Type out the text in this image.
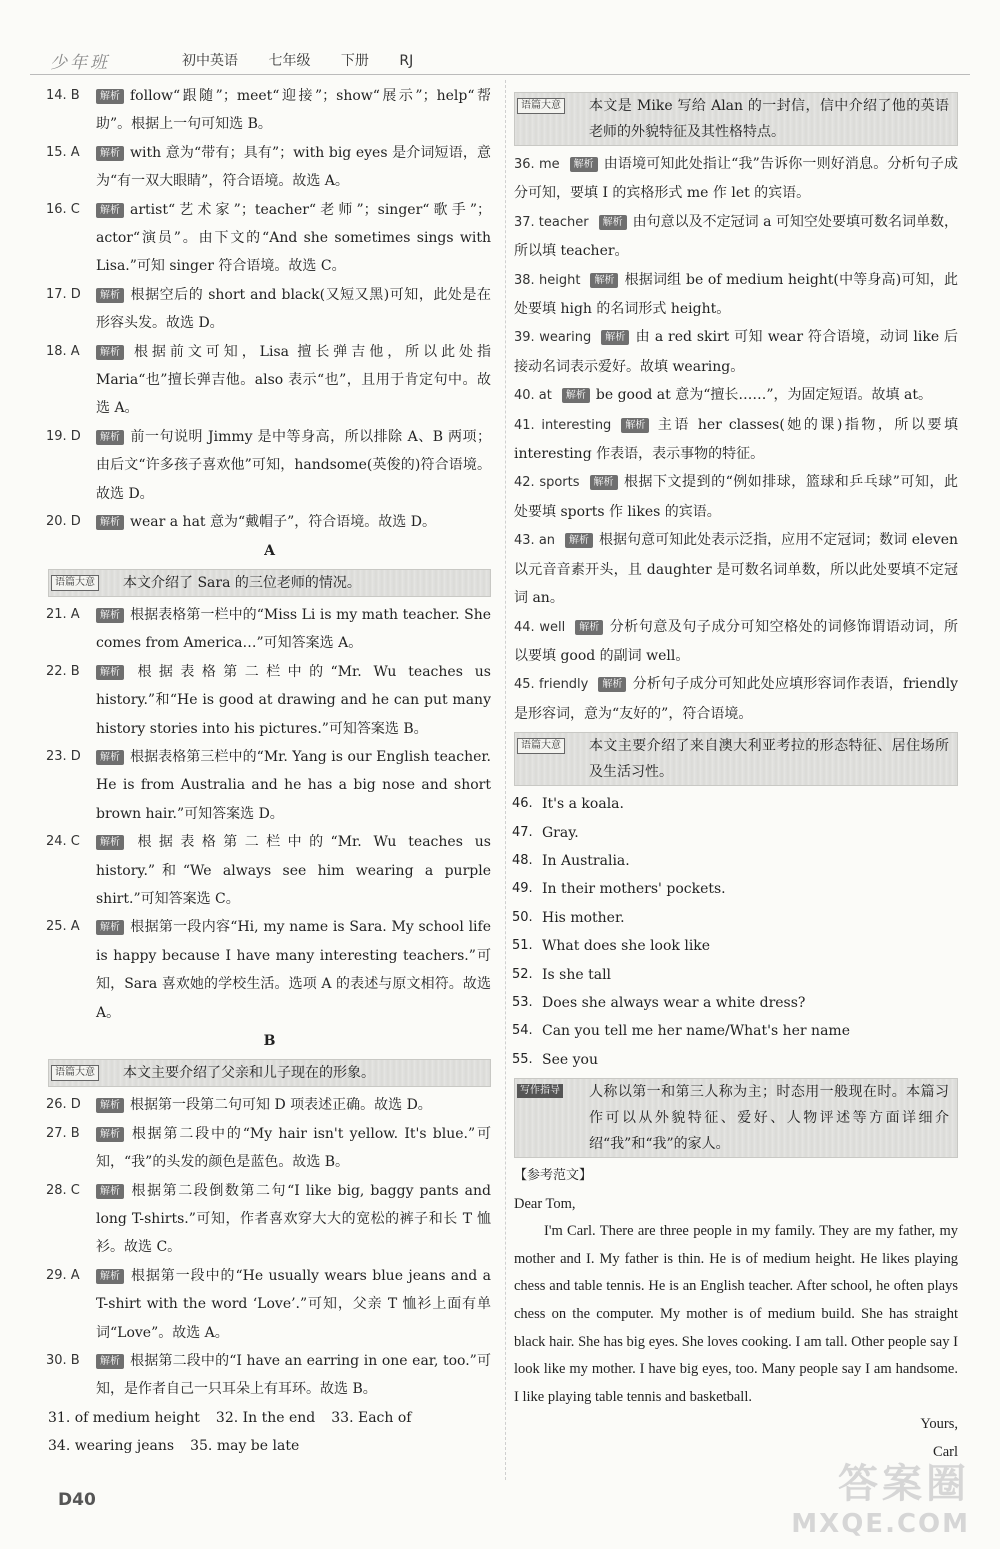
少年班	初中英语 七年级 下册 RJ
14. B 解析 follow“跟随”；meet“迎接”；show“展示”；help“帮助”。根据上一句可知选 B。
15. A 解析 with 意为“带有；具有”；with big eyes 是介词短语，意为“有一双大眼睛”，符合语境。故选 A。
16. C 解析 artist“艺术家”；teacher“老师”；singer“歌手”；actor“演员”。由下文的“And she sometimes sings with Lisa.”可知 singer 符合语境。故选 C。
17. D 解析 根据空后的 short and black(又短又黑)可知，此处是在形容头发。故选 D。
18. A 解析 根据前文可知，Lisa 擅长弹吉他，所以此处指 Maria“也”擅长弹吉他。also 表示“也”，且用于肯定句中。故选 A。
19. D 解析 前一句说明 Jimmy 是中等身高，所以排除 A、B 两项；由后文“许多孩子喜欢他”可知，handsome(英俊的)符合语境。故选 D。
20. D 解析 wear a hat 意为“戴帽子”，符合语境。故选 D。
A
语篇大意 本文介绍了 Sara 的三位老师的情况。
21. A 解析 根据表格第一栏中的“Miss Li is my math teacher. She comes from America…”可知答案选 A。
22. B 解析 根据表格第二栏中的“Mr. Wu teaches us history.”和“He is good at drawing and he can put many history stories into his pictures.”可知答案选 B。
23. D 解析 根据表格第三栏中的“Mr. Yang is our English teacher. He is from Australia and he has a big nose and short brown hair.”可知答案选 D。
24. C 解析 根据表格第二栏中的“Mr. Wu teaches us history.”和“We always see him wearing a purple shirt.”可知答案选 C。
25. A 解析 根据第一段内容“Hi, my name is Sara. My school life is happy because I have many interesting teachers.”可知，Sara 喜欢她的学校生活。选项 A 的表述与原文相符。故选 A。
B
语篇大意 本文主要介绍了父亲和儿子现在的形象。
26. D 解析 根据第一段第二句可知 D 项表述正确。故选 D。
27. B 解析 根据第二段中的“My hair isn't yellow. It's blue.”可知，“我”的头发的颜色是蓝色。故选 B。
28. C 解析 根据第二段倒数第二句“I like big, baggy pants and long T-shirts.”可知，作者喜欢穿大大的宽松的裤子和长 T 恤衫。故选 C。
29. A 解析 根据第一段中的“He usually wears blue jeans and a T-shirt with the word ‘Love’.”可知，父亲 T 恤衫上面有单词“Love”。故选 A。
30. B 解析 根据第二段中的“I have an earring in one ear, too.”可知，是作者自己一只耳朵上有耳环。故选 B。
31. of medium height 32. In the end 33. Each of
34. wearing jeans 35. may be late
语篇大意 本文是 Mike 写给 Alan 的一封信，信中介绍了他的英语老师的外貌特征及其性格特点。
36. me 解析 由语境可知此处指让“我”告诉你一则好消息。分析句子成分可知，要填 I 的宾格形式 me 作 let 的宾语。
37. teacher 解析 由句意以及不定冠词 a 可知空处要填可数名词单数，所以填 teacher。
38. height 解析 根据词组 be of medium height(中等身高)可知，此处要填 high 的名词形式 height。
39. wearing 解析 由 a red skirt 可知 wear 符合语境，动词 like 后接动名词表示爱好。故填 wearing。
40. at 解析 be good at 意为“擅长……”，为固定短语。故填 at。
41. interesting 解析 主语 her classes(她的课)指物，所以要填 interesting 作表语，表示事物的特征。
42. sports 解析 根据下文提到的“例如排球，篮球和乒乓球”可知，此处要填 sports 作 likes 的宾语。
43. an 解析 根据句意可知此处表示泛指，应用不定冠词；数词 eleven 以元音音素开头，且 daughter 是可数名词单数，所以此处要填不定冠词 an。
44. well 解析 分析句意及句子成分可知空格处的词修饰谓语动词，所以要填 good 的副词 well。
45. friendly 解析 分析句子成分可知此处应填形容词作表语，friendly 是形容词，意为“友好的”，符合语境。
语篇大意 本文主要介绍了来自澳大利亚考拉的形态特征、居住场所及生活习性。
46. It's a koala.
47. Gray.
48. In Australia.
49. In their mothers' pockets.
50. His mother.
51. What does she look like
52. Is she tall
53. Does she always wear a white dress?
54. Can you tell me her name/What's her name
55. See you
写作指导 人称以第一和第三人称为主；时态用一般现在时。本篇习作可以从外貌特征、爱好、人物评述等方面详细介绍“我”和“我”的家人。
【参考范文】
Dear Tom,
I'm Carl. There are three people in my family. They are my father, my mother and I. My father is thin. He is of medium height. He likes playing chess and table tennis. He is an English teacher. After school, he often plays chess on the computer. My mother is of medium build. She has straight black hair. She has big eyes. She loves cooking. I am tall. Other people say I look like my mother. I have big eyes, too. Many people say I am handsome. I like playing table tennis and basketball.
Yours,
Carl
D40	答案圈
MXQE.COM
